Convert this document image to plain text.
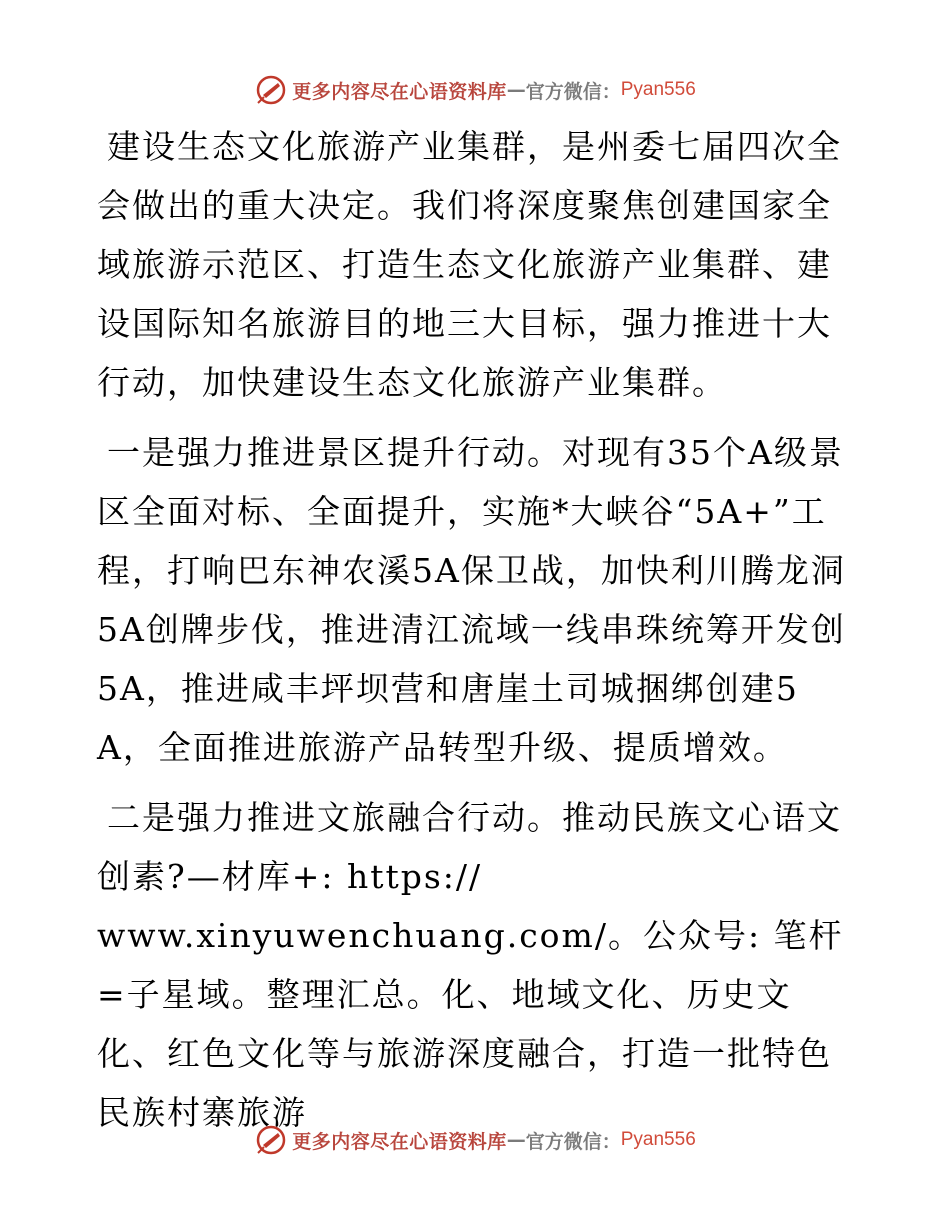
更多内容尽在心语资料库 — 官方微信： Pyan556

建设生态文化旅游产业集群，是州委七届四次全会做出的重大决定。我们将深度聚焦创建国家全域旅游示范区、打造生态文化旅游产业集群、建设国际知名旅游目的地三大目标，强力推进十大行动，加快建设生态文化旅游产业集群。

一是强力推进景区提升行动。对现有35个A级景区全面对标、全面提升，实施*大峡谷“5A+”工程，打响巴东神农溪5A保卫战，加快利川腾龙洞5A创牌步伐，推进清江流域一线串珠统筹开发创5A，推进咸丰坪坝营和唐崖土司城捆绑创建5A，全面推进旅游产品转型升级、提质增效。

二是强力推进文旅融合行动。推动民族文心语文创素?—材库+: https://

www.xinyuwenchuang.com/。公众号: 笔杆=子星域。整理汇总。化、地域文化、历史文化、红色文化等与旅游深度融合，打造一批特色民族村寨旅游

更多内容尽在心语资料库 — 官方微信： Pyan556
